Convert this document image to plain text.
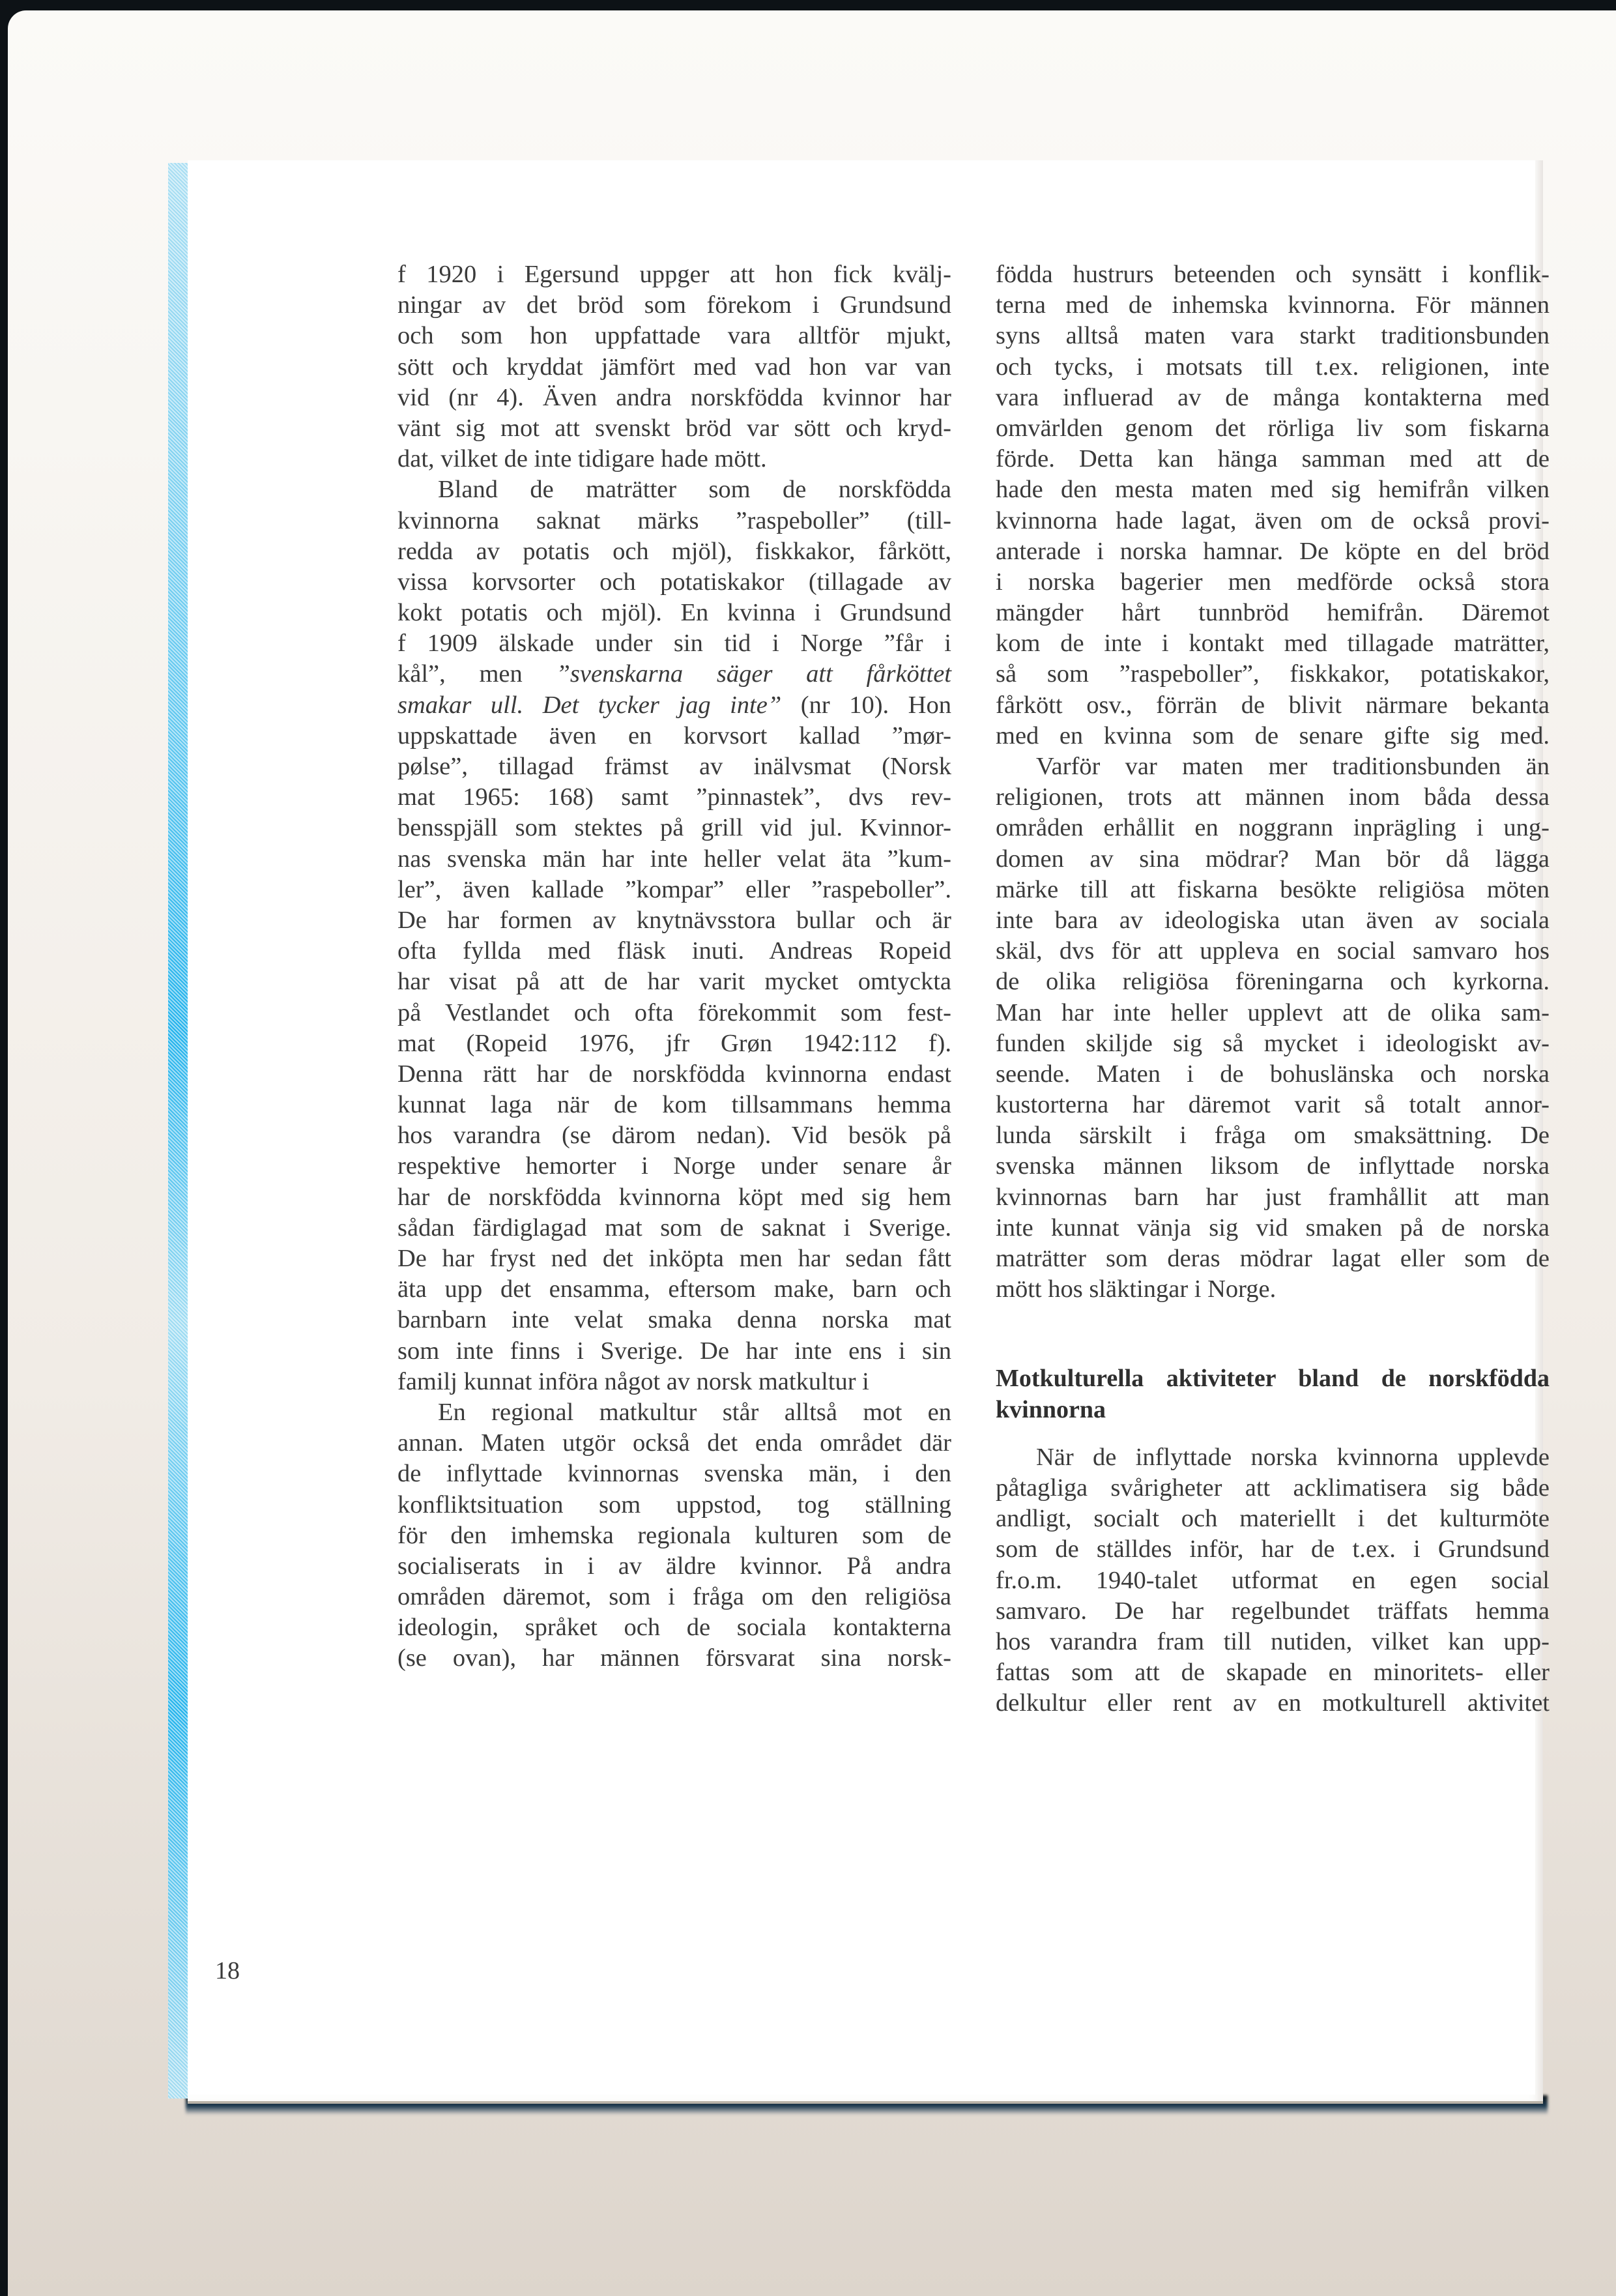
f 1920 i Egersund uppger att hon fick kvälj-
ningar av det bröd som förekom i Grundsund
och som hon uppfattade vara alltför mjukt,
sött och kryddat jämfört med vad hon var van
vid (nr 4). Även andra norskfödda kvinnor har
vänt sig mot att svenskt bröd var sött och kryd-
dat, vilket de inte tidigare hade mött.
Bland de maträtter som de norskfödda
kvinnorna saknat märks ”raspeboller” (till-
redda av potatis och mjöl), fiskkakor, fårkött,
vissa korvsorter och potatiskakor (tillagade av
kokt potatis och mjöl). En kvinna i Grundsund
f 1909 älskade under sin tid i Norge ”får i
kål”, men ”svenskarna säger att fårköttet
smakar ull. Det tycker jag inte” (nr 10). Hon
uppskattade även en korvsort kallad ”mør-
pølse”, tillagad främst av inälvsmat (Norsk
mat 1965: 168) samt ”pinnastek”, dvs rev-
bensspjäll som stektes på grill vid jul. Kvinnor-
nas svenska män har inte heller velat äta ”kum-
ler”, även kallade ”kompar” eller ”raspeboller”.
De har formen av knytnävsstora bullar och är
ofta fyllda med fläsk inuti. Andreas Ropeid
har visat på att de har varit mycket omtyckta
på Vestlandet och ofta förekommit som fest-
mat (Ropeid 1976, jfr Grøn 1942:112 f).
Denna rätt har de norskfödda kvinnorna endast
kunnat laga när de kom tillsammans hemma
hos varandra (se därom nedan). Vid besök på
respektive hemorter i Norge under senare år
har de norskfödda kvinnorna köpt med sig hem
sådan färdiglagad mat som de saknat i Sverige.
De har fryst ned det inköpta men har sedan fått
äta upp det ensamma, eftersom make, barn och
barnbarn inte velat smaka denna norska mat
som inte finns i Sverige. De har inte ens i sin
familj kunnat införa något av norsk matkultur i
En regional matkultur står alltså mot en
annan. Maten utgör också det enda området där
de inflyttade kvinnornas svenska män, i den
konfliktsituation som uppstod, tog ställning
för den imhemska regionala kulturen som de
socialiserats in i av äldre kvinnor. På andra
områden däremot, som i fråga om den religiösa
ideologin, språket och de sociala kontakterna
(se ovan), har männen försvarat sina norsk-
födda hustrurs beteenden och synsätt i konflik-
terna med de inhemska kvinnorna. För männen
syns alltså maten vara starkt traditionsbunden
och tycks, i motsats till t.ex. religionen, inte
vara influerad av de många kontakterna med
omvärlden genom det rörliga liv som fiskarna
förde. Detta kan hänga samman med att de
hade den mesta maten med sig hemifrån vilken
kvinnorna hade lagat, även om de också provi-
anterade i norska hamnar. De köpte en del bröd
i norska bagerier men medförde också stora
mängder hårt tunnbröd hemifrån. Däremot
kom de inte i kontakt med tillagade maträtter,
så som ”raspeboller”, fiskkakor, potatiskakor,
fårkött osv., förrän de blivit närmare bekanta
med en kvinna som de senare gifte sig med.
Varför var maten mer traditionsbunden än
religionen, trots att männen inom båda dessa
områden erhållit en noggrann inprägling i ung-
domen av sina mödrar? Man bör då lägga
märke till att fiskarna besökte religiösa möten
inte bara av ideologiska utan även av sociala
skäl, dvs för att uppleva en social samvaro hos
de olika religiösa föreningarna och kyrkorna.
Man har inte heller upplevt att de olika sam-
funden skiljde sig så mycket i ideologiskt av-
seende. Maten i de bohuslänska och norska
kustorterna har däremot varit så totalt annor-
lunda särskilt i fråga om smaksättning. De
svenska männen liksom de inflyttade norska
kvinnornas barn har just framhållit att man
inte kunnat vänja sig vid smaken på de norska
maträtter som deras mödrar lagat eller som de
mött hos släktingar i Norge.
Motkulturella aktiviteter bland de norskfödda
kvinnorna
När de inflyttade norska kvinnorna upplevde
påtagliga svårigheter att acklimatisera sig både
andligt, socialt och materiellt i det kulturmöte
som de ställdes inför, har de t.ex. i Grundsund
fr.o.m. 1940-talet utformat en egen social
samvaro. De har regelbundet träffats hemma
hos varandra fram till nutiden, vilket kan upp-
fattas som att de skapade en minoritets- eller
delkultur eller rent av en motkulturell aktivitet
18
